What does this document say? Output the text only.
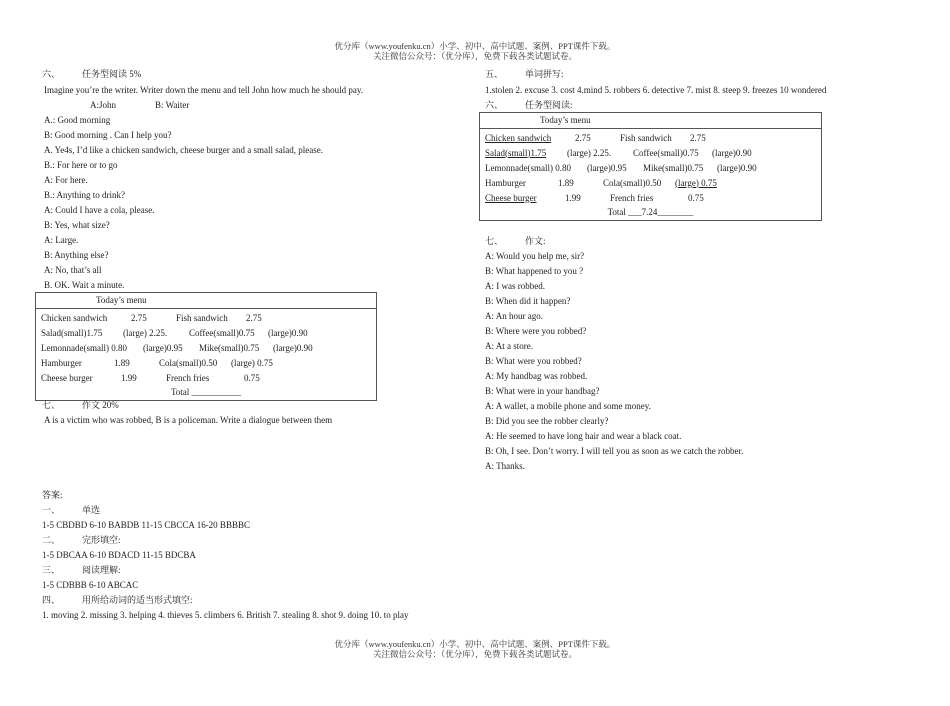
优分库（www.youfenku.cn）小学、初中、高中试题、案例、PPT课件下载。
关注微信公众号：（优分库），免费下载各类试题试卷。
六、 任务型阅读 5%
Imagine you’re the writer. Writer down the menu and tell John how much he should pay.
A:John	B: Waiter
A.: Good morning
B: Good morning . Can I help you?
A. Ye4s, I’d like a chicken sandwich, cheese burger and a small salad, please.
B.: For here or to go
A: For here.
B.: Anything to drink?
A: Could I have a cola, please.
B: Yes, what size?
A: Large.
B: Anything else?
A: No, that’s all
B. OK. Wait a minute.
Today’s menu

Chicken sandwich	2.75	Fish sandwich	2.75
Salad(small)1.75	(large) 2.25.	Coffee(small)0.75	(large)0.90
Lemonnade(small) 0.80	(large)0.95	Mike(small)0.75	(large)0.90
Hamburger	1.89	Cola(small)0.50	(large) 0.75
Cheese burger	1.99	French fries	0.75
Total ___________
七、 作文 20%
A is a victim who was robbed, B is a policeman. Write a dialogue between them
答案:
一、 单选
1-5 CBDBD 6-10 BABDB 11-15 CBCCA 16-20 BBBBC
二、 完形填空:
1-5 DBCAA 6-10 BDACD 11-15 BDCBA
三、 阅读理解:
1-5 CDBBB 6-10 ABCAC
四、 用所给动词的适当形式填空:
1. moving 2. missing 3. helping 4. thieves 5. climbers 6. British 7. stealing 8. shot 9. doing 10. to play
五、 单词拼写:
1.stolen 2. excuse 3. cost 4.mind 5. robbers 6. detective 7. mist 8. steep 9. freezes 10 wondered
六、 任务型阅读:
Today’s menu

Chicken sandwich	2.75	Fish sandwich	2.75
Salad(small)1.75	(large) 2.25.	Coffee(small)0.75	(large)0.90
Lemonnade(small) 0.80	(large)0.95	Mike(small)0.75	(large)0.90
Hamburger	1.89	Cola(small)0.50	(large) 0.75
Cheese burger	1.99	French fries	0.75
Total ___7.24________
七、 作文:
A: Would you help me, sir?
B: What happened to you ?
A: I was robbed.
B: When did it happen?
A: An hour ago.
B: Where were you robbed?
A: At a store.
B: What were you robbed?
A: My handbag was robbed.
B: What were in your handbag?
A: A wallet, a mobile phone and some money.
B: Did you see the robber clearly?
A: He seemed to have long hair and wear a black coat.
B: Oh, I see. Don’t worry. I will tell you as soon as we catch the robber.
A: Thanks.
优分库（www.youfenku.cn）小学、初中、高中试题、案例、PPT课件下载。
关注微信公众号：（优分库），免费下载各类试题试卷。
